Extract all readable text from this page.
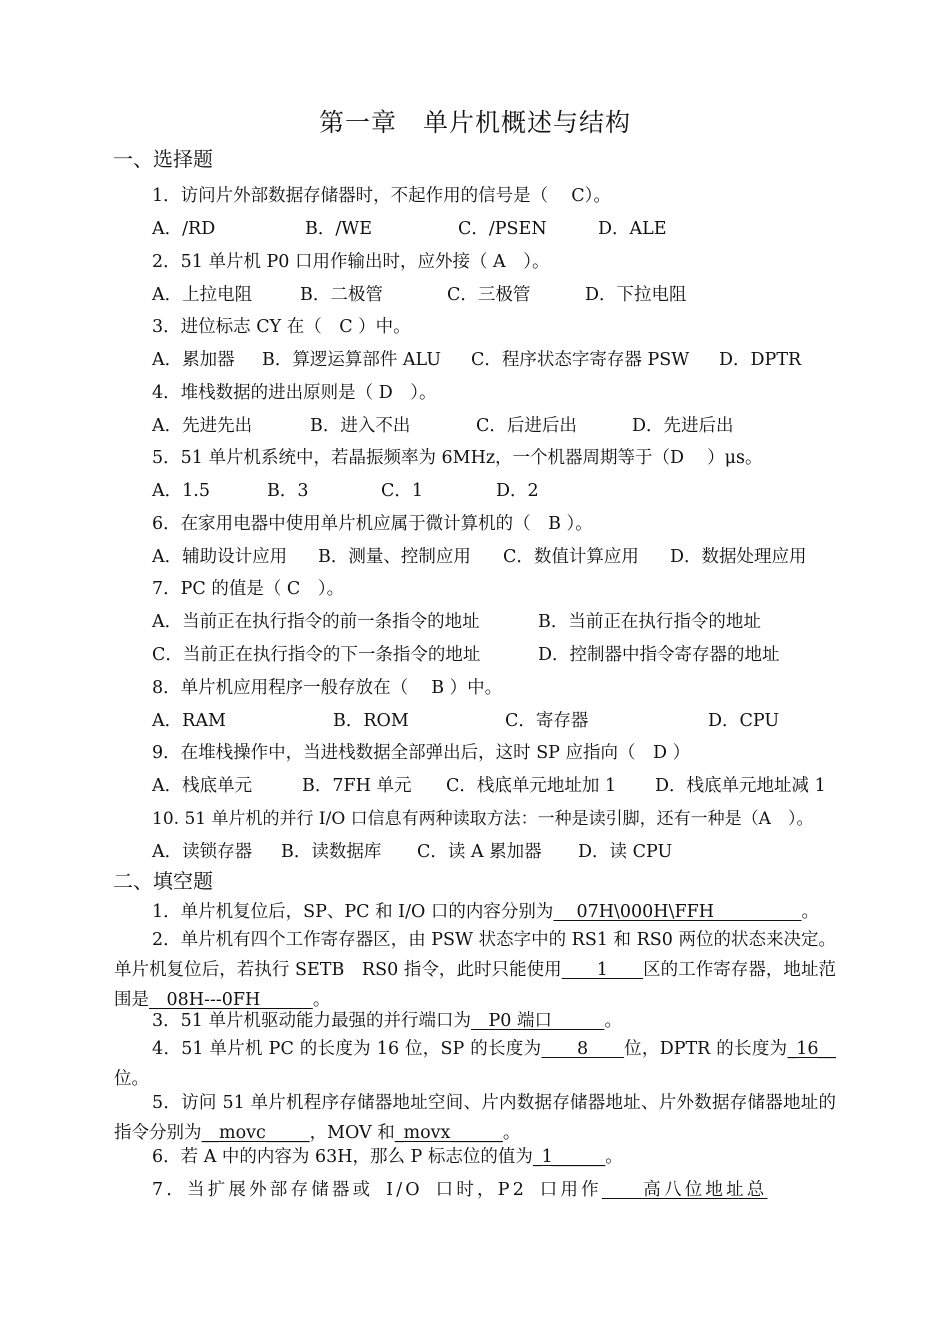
第一章　单片机概述与结构
一、选择题
1．访问片外部数据存储器时，不起作用的信号是（　 C）。
A．/RD	B．/WE	C．/PSEN	D．ALE
2．51 单片机 P0 口用作输出时，应外接（ A　）。
A．上拉电阻	B．二极管	C．三极管	D．下拉电阻
3．进位标志 CY 在（　C ）中。
A．累加器 B．算逻运算部件 ALU C．程序状态字寄存器 PSW D．DPTR
4．堆栈数据的进出原则是（ D　）。
A．先进先出	B．进入不出	C．后进后出	D．先进后出
5．51 单片机系统中，若晶振频率为 6MHz，一个机器周期等于（D　 ）μs。
A．1.5	B．3	C．1	D．2
6．在家用电器中使用单片机应属于微计算机的（　B ）。
A．辅助设计应用 B．测量、控制应用 C．数值计算应用 D．数据处理应用
7．PC 的值是（ C　）。
A．当前正在执行指令的前一条指令的地址	B．当前正在执行指令的地址
C．当前正在执行指令的下一条指令的地址	D．控制器中指令寄存器的地址
8．单片机应用程序一般存放在（　 B ）中。
A．RAM	B．ROM	C．寄存器	D．CPU
9．在堆栈操作中，当进栈数据全部弹出后，这时 SP 应指向（　D ）
A．栈底单元	B．7FH 单元 C．栈底单元地址加 1 D．栈底单元地址减 1
10. 51 单片机的并行 I/O 口信息有两种读取方法：一种是读引脚，还有一种是（A　）。
A．读锁存器 B．读数据库 C．读 A 累加器 D．读 CPU
二、填空题
1．单片机复位后，SP、PC 和 I/O 口的内容分别为　 07H\000H\FFH　　　　　。
2．单片机有四个工作寄存器区，由 PSW 状态字中的 RS1 和 RS0 两位的状态来决定。单片机复位后，若执行 SETB　RS0 指令，此时只能使用　　1　　区的工作寄存器，地址范围是　08H---0FH　　　。
3．51 单片机驱动能力最强的并行端口为　P0 端口　　　。
4．51 单片机 PC 的长度为 16 位，SP 的长度为　　8　　位，DPTR 的长度为_16__位。
5．访问 51 单片机程序存储器地址空间、片内数据存储器地址、片外数据存储器地址的指令分别为__movc_____，MOV 和_movx______。
6．若 A 中的内容为 63H，那么 P 标志位的值为_1______。
7．当扩展外部存储器或 I/O 口时，P2 口用作　　高八位地址总
